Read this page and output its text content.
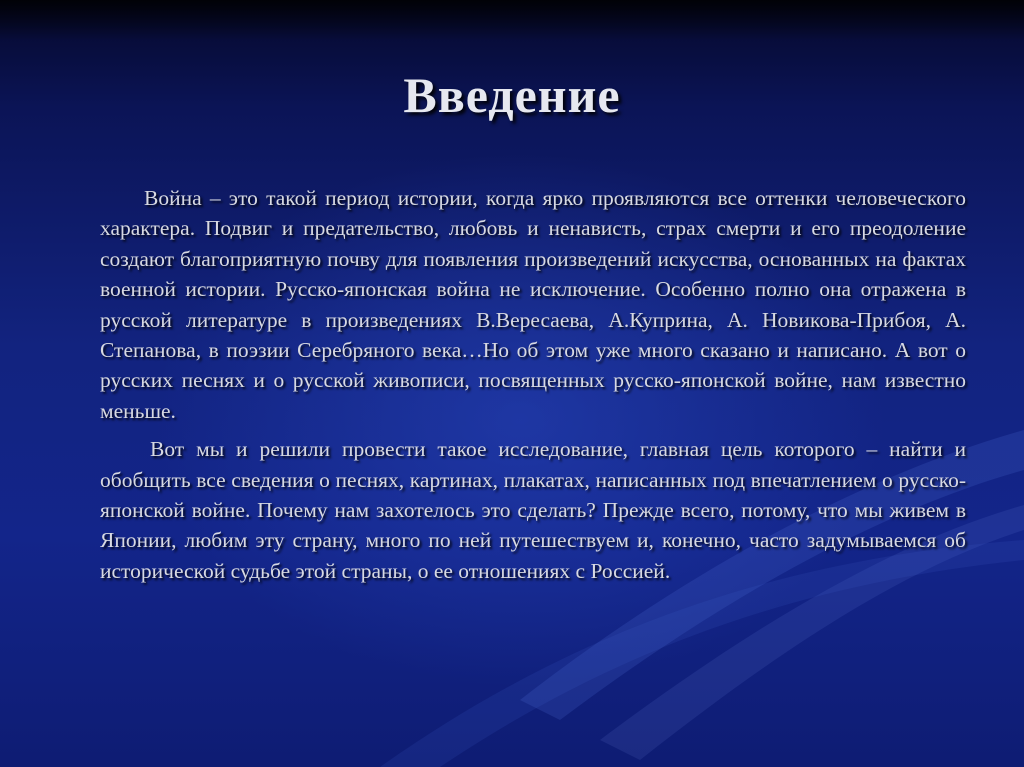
Введение

Война – это такой период истории, когда ярко проявляются все оттенки человеческого характера. Подвиг и предательство, любовь и ненависть, страх смерти и его преодоление создают благоприятную почву для появления произведений искусства, основанных на фактах военной истории. Русско-японская война не исключение. Особенно полно она отражена в русской литературе в произведениях В.Вересаева, А.Куприна, А. Новикова-Прибоя, А. Степанова, в поэзии Серебряного века…Но об этом уже много сказано и написано. А вот о русских песнях и о русской живописи, посвященных русско-японской войне, нам известно меньше.

Вот мы и решили провести такое исследование, главная цель которого – найти и обобщить все сведения о песнях, картинах, плакатах, написанных под впечатлением о русско-японской войне. Почему нам захотелось это сделать? Прежде всего, потому, что мы живем в Японии, любим эту страну, много по ней путешествуем и, конечно, часто задумываемся об исторической судьбе этой страны, о ее отношениях с Россией.
